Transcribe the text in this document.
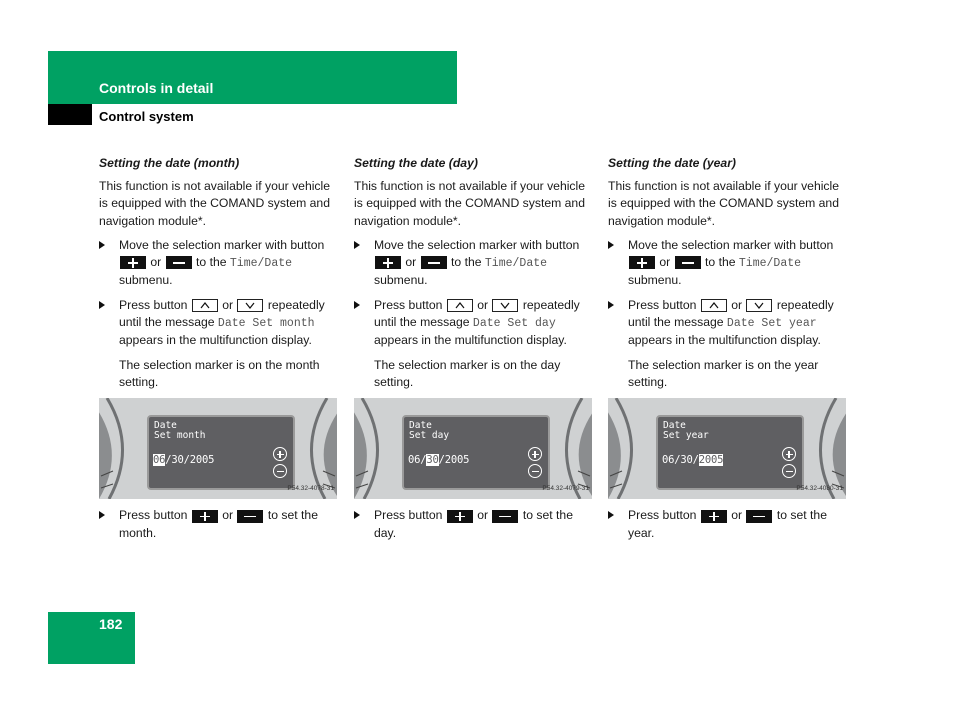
Controls in detail
Control system
Setting the date (month)

This function is not available if your vehicle is equipped with the COMAND system and navigation module*.

Move the selection marker with button  or	to the Time/Date submenu.
Press button	or	repeatedly until the message Date Set month appears in the multifunction display.

The selection marker is on the month setting.

Date
Set month
06/30/2005
P54.32-4078-31
Press button	or	to set the month.
Setting the date (day)

This function is not available if your vehicle is equipped with the COMAND system and navigation module*.

Move the selection marker with button  or	to the Time/Date submenu.
Press button	or	repeatedly until the message Date Set day appears in the multifunction display.

The selection marker is on the day setting.

Date
Set day
06/30/2005
P54.32-4079-31
Press button	or	to set the day.
Setting the date (year)

This function is not available if your vehicle is equipped with the COMAND system and navigation module*.

Move the selection marker with button  or	to the Time/Date submenu.
Press button	or	repeatedly until the message Date Set year appears in the multifunction display.

The selection marker is on the year setting.

Date
Set year
06/30/2005
P54.32-4080-31
Press button	or	to set the year.
182
